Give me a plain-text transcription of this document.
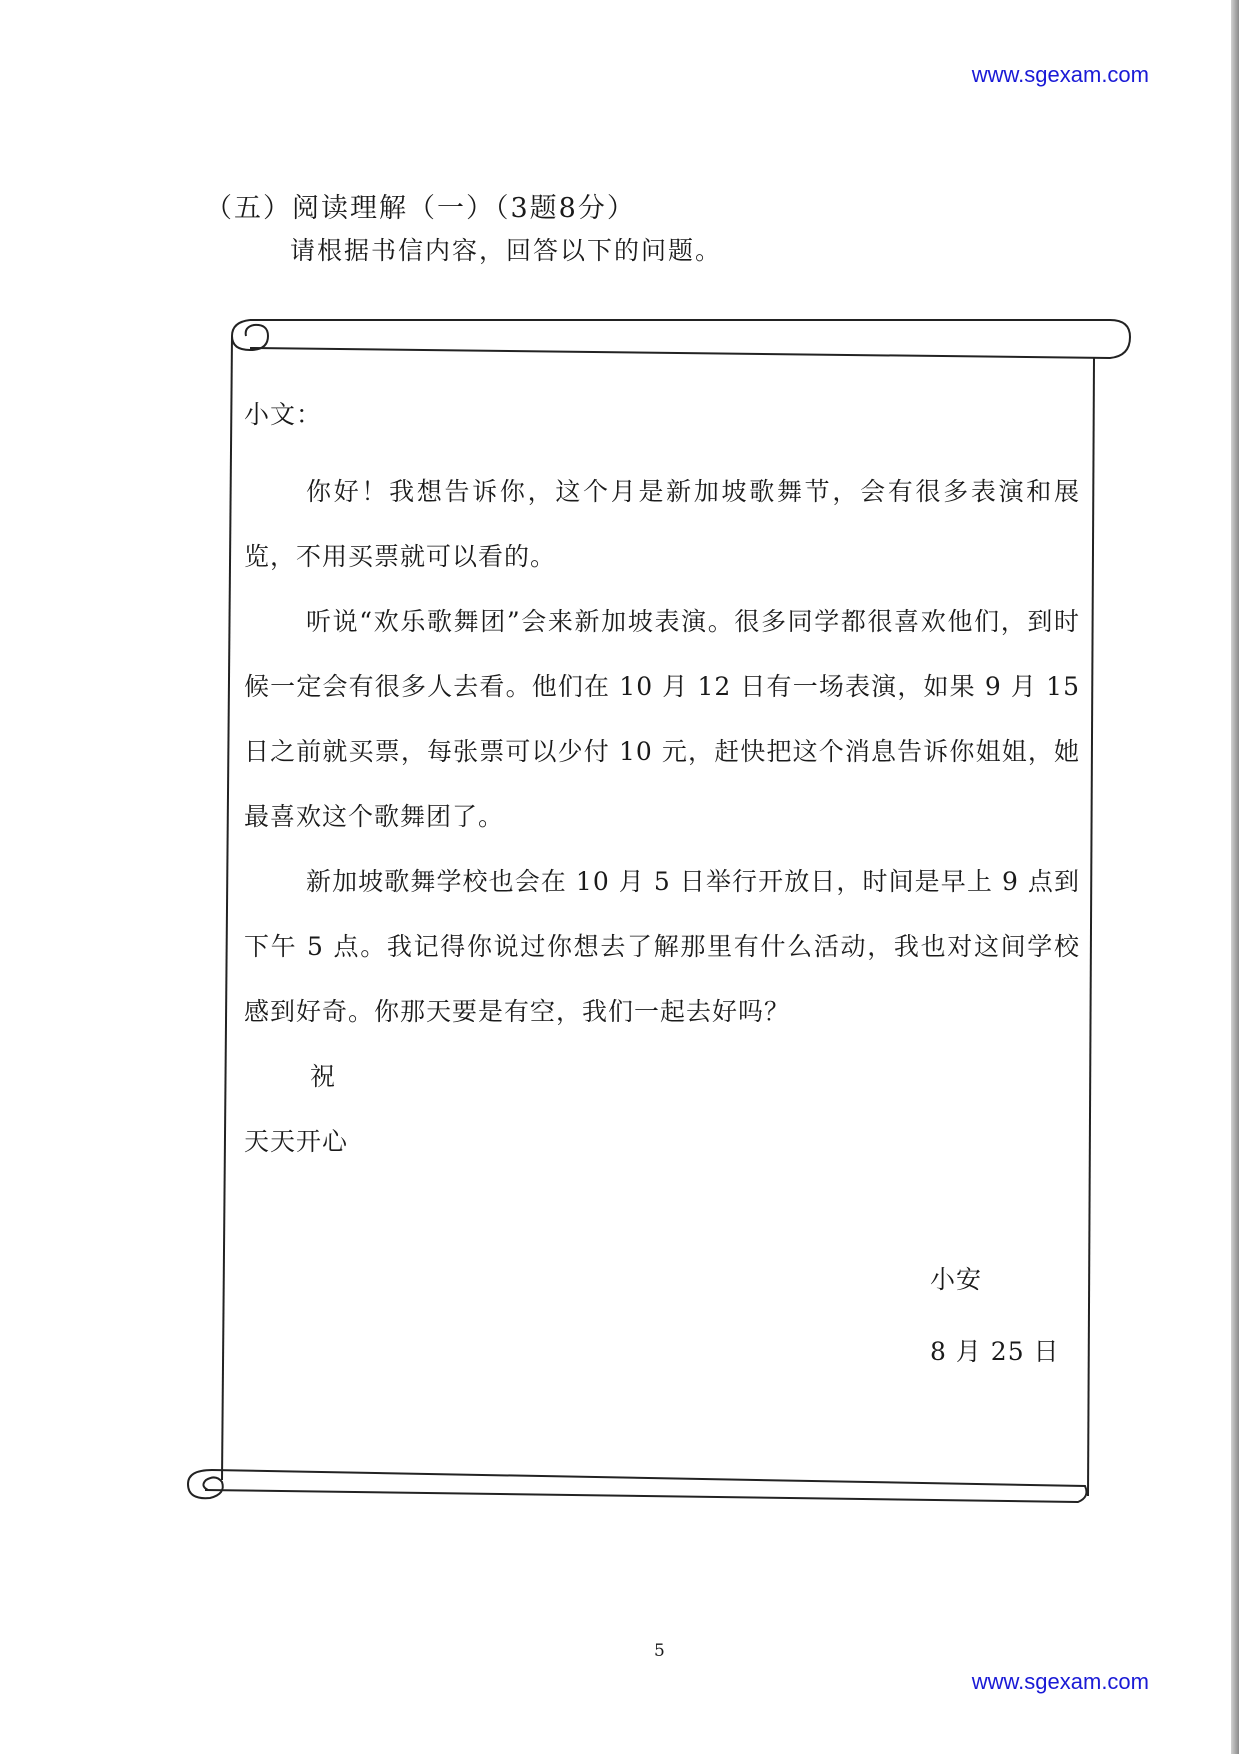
www.sgexam.com
（五）阅读理解（一）（3题8分）
请根据书信内容，回答以下的问题。

小文：

你好！我想告诉你，这个月是新加坡歌舞节，会有很多表演和展览，不用买票就可以看的。

听说“欢乐歌舞团”会来新加坡表演。很多同学都很喜欢他们，到时候一定会有很多人去看。他们在 10 月 12 日有一场表演，如果 9 月 15 日之前就买票，每张票可以少付 10 元，赶快把这个消息告诉你姐姐，她最喜欢这个歌舞团了。

新加坡歌舞学校也会在 10 月 5 日举行开放日，时间是早上 9 点到下午 5 点。我记得你说过你想去了解那里有什么活动，我也对这间学校感到好奇。你那天要是有空，我们一起去好吗？

祝

天天开心

小安
8 月 25 日
5
www.sgexam.com
